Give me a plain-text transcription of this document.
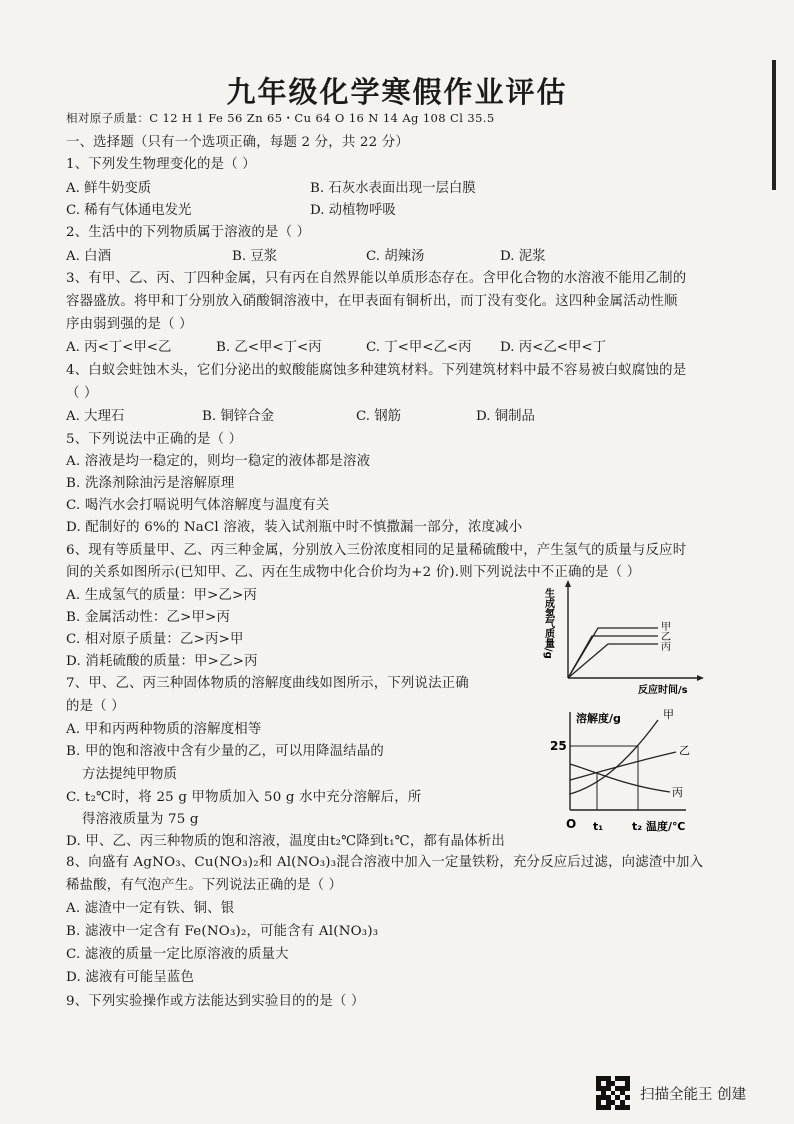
九年级化学寒假作业评估
相对原子质量：C 12 H 1 Fe 56 Zn 65・Cu 64 O 16 N 14 Ag 108 Cl 35.5
一、选择题（只有一个选项正确，每题 2 分，共 22 分）
1、下列发生物理变化的是（ ）
A. 鲜牛奶变质	B. 石灰水表面出现一层白膜
C. 稀有气体通电发光	D. 动植物呼吸
2、生活中的下列物质属于溶液的是（ ）
A. 白酒	B. 豆浆	C. 胡辣汤	D. 泥浆
3、有甲、乙、丙、丁四种金属，只有丙在自然界能以单质形态存在。含甲化合物的水溶液不能用乙制的
容器盛放。将甲和丁分别放入硝酸铜溶液中，在甲表面有铜析出，而丁没有变化。这四种金属活动性顺
序由弱到强的是（ ）
A. 丙<丁<甲<乙	B. 乙<甲<丁<丙	C. 丁<甲<乙<丙 D. 丙<乙<甲<丁
4、白蚁会蛀蚀木头，它们分泌出的蚁酸能腐蚀多种建筑材料。下列建筑材料中最不容易被白蚁腐蚀的是
（ ）
A. 大理石	B. 铜锌合金	C. 钢筋	D. 铜制品
5、下列说法中正确的是（ ）
A. 溶液是均一稳定的，则均一稳定的液体都是溶液
B. 洗涤剂除油污是溶解原理
C. 喝汽水会打嗝说明气体溶解度与温度有关
D. 配制好的 6%的 NaCl 溶液，装入试剂瓶中时不慎撒漏一部分，浓度减小
6、现有等质量甲、乙、丙三种金属，分别放入三份浓度相同的足量稀硫酸中，产生氢气的质量与反应时
间的关系如图所示(已知甲、乙、丙在生成物中化合价均为+2 价).则下列说法中不正确的是（ ）
A. 生成氢气的质量：甲>乙>丙
B. 金属活动性：乙>甲>丙
C. 相对原子质量：乙>丙>甲
D. 消耗硫酸的质量：甲>乙>丙
生成氢气质量/g
反应时间/s
甲
乙
丙
7、甲、乙、丙三种固体物质的溶解度曲线如图所示，下列说法正确
的是（ ）
A. 甲和丙两种物质的溶解度相等
B. 甲的饱和溶液中含有少量的乙，可以用降温结晶的
方法提纯甲物质
C. t₂℃时，将 25 g 甲物质加入 50 g 水中充分溶解后，所
得溶液质量为 75 g
D. 甲、乙、丙三种物质的饱和溶液，温度由t₂℃降到t₁℃，都有晶体析出
溶解度/g
温度/℃
25
O t₁	t₂
甲
乙
丙
8、向盛有 AgNO₃、Cu(NO₃)₂和 Al(NO₃)₃混合溶液中加入一定量铁粉，充分反应后过滤，向滤渣中加入
稀盐酸，有气泡产生。下列说法正确的是（ ）
A. 滤渣中一定有铁、铜、银
B. 滤液中一定含有 Fe(NO₃)₂，可能含有 Al(NO₃)₃
C. 滤液的质量一定比原溶液的质量大
D. 滤液有可能呈蓝色
9、下列实验操作或方法能达到实验目的的是（ ）
扫描全能王 创建
